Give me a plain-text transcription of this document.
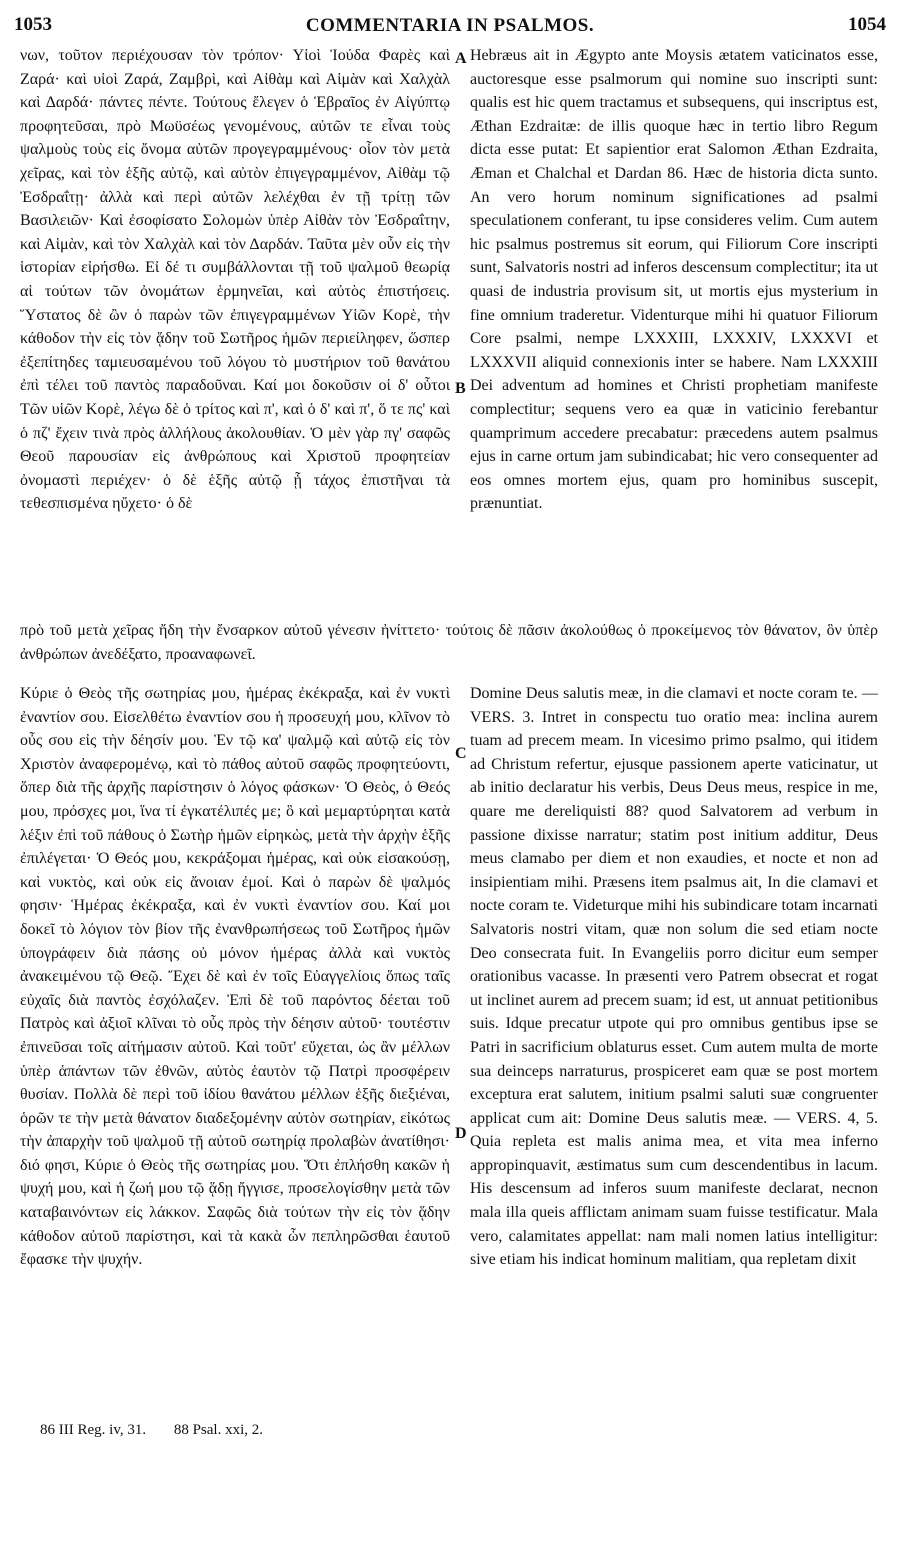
1053	COMMENTARIA IN PSALMOS.	1054

νων, τοῦτον περιέχουσαν τὸν τρόπον· Υἱοὶ Ἰούδα Φαρὲς καὶ Ζαρά· καὶ υἱοὶ Ζαρά, Ζαμβρὶ, καὶ Αἰθὰμ καὶ Αἱμὰν καὶ Χαλχὰλ καὶ Δαρδά· πάντες πέντε. Τούτους ἔλεγεν ὁ Ἑβραῖος ἐν Αἰγύπτῳ προφητεῦσαι, πρὸ Μωϋσέως γενομένους, αὐτῶν τε εἶναι τοὺς ψαλμοὺς τοὺς εἰς ὄνομα αὐτῶν προγεγραμμένους· οἷον τὸν μετὰ χεῖρας, καὶ τὸν ἑξῆς αὐτῷ, καὶ αὐτὸν ἐπιγεγραμμένον, Αἰθὰμ τῷ Ἐσδραΐτῃ· ἀλλὰ καὶ περὶ αὐτῶν λελέχθαι ἐν τῇ τρίτῃ τῶν Βασιλειῶν· Καὶ ἐσοφίσατο Σολομὼν ὑπὲρ Αἰθὰν τὸν Ἐσδραΐτην, καὶ Αἱμὰν, καὶ τὸν Χαλχὰλ καὶ τὸν Δαρδάν. Ταῦτα μὲν οὖν εἰς τὴν ἱστορίαν εἰρήσθω. Εἰ δέ τι συμβάλλονται τῇ τοῦ ψαλμοῦ θεωρίᾳ αἱ τούτων τῶν ὀνομάτων ἑρμηνεῖαι, καὶ αὐτὸς ἐπιστήσεις. Ὕστατος δὲ ὢν ὁ παρὼν τῶν ἐπιγεγραμμένων Υἱῶν Κορὲ, τὴν κάθοδον τὴν εἰς τὸν ᾅδην τοῦ Σωτῆρος ἡμῶν περιείληφεν, ὥσπερ ἐξεπίτηδες ταμιευσαμένου τοῦ λόγου τὸ μυστήριον τοῦ θανάτου ἐπὶ τέλει τοῦ παντὸς παραδοῦναι. Καί μοι δοκοῦσιν οἱ δ' οὗτοι Τῶν υἱῶν Κορὲ, λέγω δὲ ὁ τρίτος καὶ π', καὶ ὁ δ' καὶ π', ὅ τε πς' καὶ ὁ πζ' ἔχειν τινὰ πρὸς ἀλλήλους ἀκολουθίαν. Ὁ μὲν γὰρ πγ' σαφῶς Θεοῦ παρουσίαν εἰς ἀνθρώπους καὶ Χριστοῦ προφητείαν ὀνομαστὶ περιέχεν· ὁ δὲ ἑξῆς αὐτῷ ᾗ τάχος ἐπιστῆναι τὰ τεθεσπισμένα ηὔχετο· ὁ δὲ

Hebræus ait in Ægypto ante Moysis ætatem vaticinatos esse, auctoresque esse psalmorum qui nomine suo inscripti sunt: qualis est hic quem tractamus et subsequens, qui inscriptus est, Æthan Ezdraitæ: de illis quoque hæc in tertio libro Regum dicta esse putat: Et sapientior erat Salomon Æthan Ezdraita, Æman et Chalchal et Dardan 86. Hæc de historia dicta sunto. An vero horum nominum significationes ad psalmi speculationem conferant, tu ipse consideres velim. Cum autem hic psalmus postremus sit eorum, qui Filiorum Core inscripti sunt, Salvatoris nostri ad inferos descensum complectitur; ita ut quasi de industria provisum sit, ut mortis ejus mysterium in fine omnium traderetur. Videnturque mihi hi quatuor Filiorum Core psalmi, nempe LXXXIII, LXXXIV, LXXXVI et LXXXVII aliquid connexionis inter se habere. Nam LXXXIII Dei adventum ad homines et Christi prophetiam manifeste complectitur; sequens vero ea quæ in vaticinio ferebantur quamprimum accedere precabatur: præcedens autem psalmus ejus in carne ortum jam subindicabat; hic vero consequenter ad eos omnes mortem ejus, quam pro hominibus suscepit, prænuntiat.

πρὸ τοῦ μετὰ χεῖρας ἤδη τὴν ἔνσαρκον αὐτοῦ γένεσιν ἠνίττετο· τούτοις δὲ πᾶσιν ἀκολούθως ὁ προκείμενος τὸν θάνατον, ὃν ὑπὲρ ἀνθρώπων ἀνεδέξατο, προαναφωνεῖ.

Κύριε ὁ Θεὸς τῆς σωτηρίας μου, ἡμέρας ἐκέκραξα, καὶ ἐν νυκτὶ ἐναντίον σου. Εἰσελθέτω ἐναντίον σου ἡ προσευχή μου, κλῖνον τὸ οὖς σου εἰς τὴν δέησίν μου. Ἐν τῷ κα' ψαλμῷ καὶ αὐτῷ εἰς τὸν Χριστὸν ἀναφερομένῳ, καὶ τὸ πάθος αὐτοῦ σαφῶς προφητεύοντι, ὅπερ διὰ τῆς ἀρχῆς παρίστησιν ὁ λόγος φάσκων· Ὁ Θεὸς, ὁ Θεός μου, πρόσχες μοι, ἵνα τί ἐγκατέλιπές με; ὃ καὶ μεμαρτύρηται κατὰ λέξιν ἐπὶ τοῦ πάθους ὁ Σωτὴρ ἡμῶν εἰρηκὼς, μετὰ τὴν ἀρχὴν ἑξῆς ἐπιλέγεται· Ὁ Θεός μου, κεκράξομαι ἡμέρας, καὶ οὐκ εἰσακούσῃ, καὶ νυκτὸς, καὶ οὐκ εἰς ἄνοιαν ἐμοί. Καὶ ὁ παρὼν δὲ ψαλμός φησιν· Ἡμέρας ἐκέκραξα, καὶ ἐν νυκτὶ ἐναντίον σου. Καί μοι δοκεῖ τὸ λόγιον τὸν βίον τῆς ἐνανθρωπήσεως τοῦ Σωτῆρος ἡμῶν ὑπογράφειν διὰ πάσης οὐ μόνον ἡμέρας ἀλλὰ καὶ νυκτὸς ἀνακειμένου τῷ Θεῷ. Ἔχει δὲ καὶ ἐν τοῖς Εὐαγγελίοις ὅπως ταῖς εὐχαῖς διὰ παντὸς ἐσχόλαζεν. Ἐπὶ δὲ τοῦ παρόντος δέεται τοῦ Πατρὸς καὶ ἀξιοῖ κλῖναι τὸ οὖς πρὸς τὴν δέησιν αὐτοῦ· τουτέστιν ἐπινεῦσαι τοῖς αἰτήμασιν αὐτοῦ. Καὶ τοῦτ' εὔχεται, ὡς ἂν μέλλων ὑπὲρ ἁπάντων τῶν ἐθνῶν, αὐτὸς ἑαυτὸν τῷ Πατρὶ προσφέρειν θυσίαν. Πολλὰ δὲ περὶ τοῦ ἰδίου θανάτου μέλλων ἑξῆς διεξιέναι, ὁρῶν τε τὴν μετὰ θάνατον διαδεξομένην αὐτὸν σωτηρίαν, εἰκότως τὴν ἀπαρχὴν τοῦ ψαλμοῦ τῇ αὐτοῦ σωτηρίᾳ προλαβὼν ἀνατίθησι· διό φησι, Κύριε ὁ Θεὸς τῆς σωτηρίας μου. Ὅτι ἐπλήσθη κακῶν ἡ ψυχή μου, καὶ ἡ ζωή μου τῷ ᾅδῃ ἤγγισε, προσελογίσθην μετὰ τῶν καταβαινόντων εἰς λάκκον. Σαφῶς διὰ τούτων τὴν εἰς τὸν ᾅδην κάθοδον αὐτοῦ παρίστησι, καὶ τὰ κακὰ ὧν πεπληρῶσθαι ἑαυτοῦ ἔφασκε τὴν ψυχήν.

Domine Deus salutis meæ, in die clamavi et nocte coram te. — VERS. 3. Intret in conspectu tuo oratio mea: inclina aurem tuam ad precem meam. In vicesimo primo psalmo, qui itidem ad Christum refertur, ejusque passionem aperte vaticinatur, ut ab initio declaratur his verbis, Deus Deus meus, respice in me, quare me dereliquisti 88? quod Salvatorem ad verbum in passione dixisse narratur; statim post initium additur, Deus meus clamabo per diem et non exaudies, et nocte et non ad insipientiam mihi. Præsens item psalmus ait, In die clamavi et nocte coram te. Videturque mihi his subindicare totam incarnati Salvatoris nostri vitam, quæ non solum die sed etiam nocte Deo consecrata fuit. In Evangeliis porro dicitur eum semper orationibus vacasse. In præsenti vero Patrem obsecrat et rogat ut inclinet aurem ad precem suam; id est, ut annuat petitionibus suis. Idque precatur utpote qui pro omnibus gentibus ipse se Patri in sacrificium oblaturus esset. Cum autem multa de morte sua deinceps narraturus, prospiceret eam quæ se post mortem exceptura erat salutem, initium psalmi saluti suæ congruenter applicat cum ait: Domine Deus salutis meæ. — VERS. 4, 5. Quia repleta est malis anima mea, et vita mea inferno appropinquavit, æstimatus sum cum descendentibus in lacum. His descensum ad inferos suum manifeste declarat, necnon mala illa queis afflictam animam suam fuisse testificatur. Mala vero, calamitates appellat: nam mali nomen latius intelligitur: sive etiam his indicat hominum malitiam, qua repletam dixit

A
B
C
D
86 III Reg. iv, 31. 88 Psal. xxi, 2.
